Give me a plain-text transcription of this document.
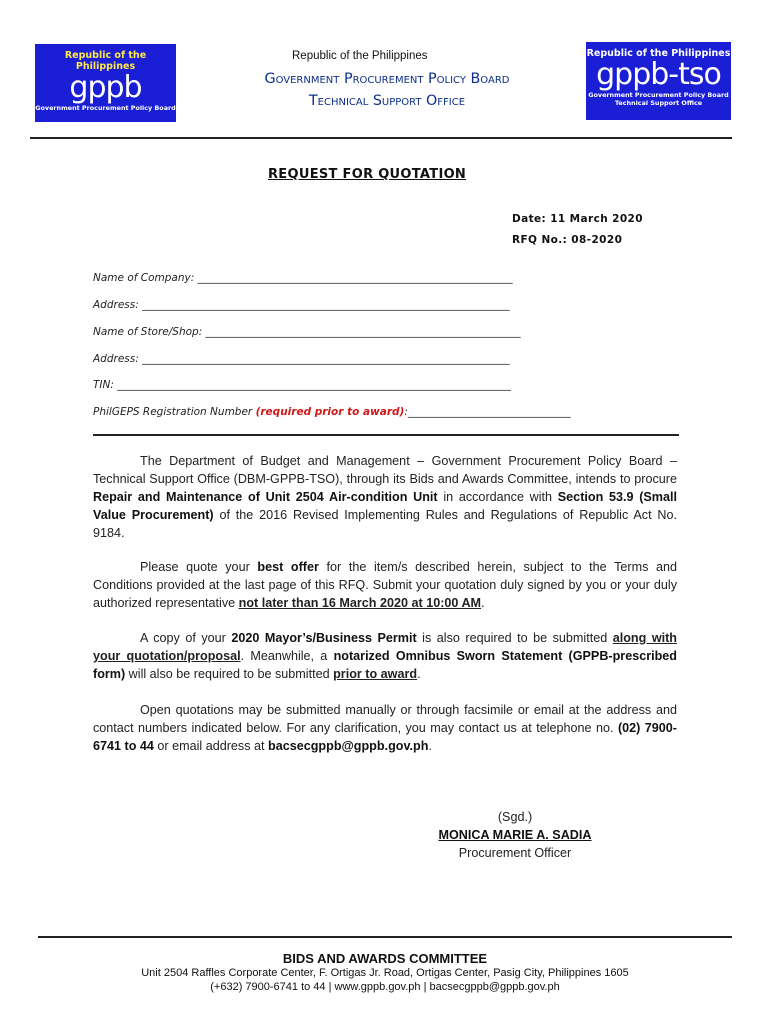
Republic of the Philippines
gppb
Government Procurement Policy Board
Republic of the Philippines
gppb-tso
Government Procurement Policy Board Technical Support Office
Republic of the Philippines
Government Procurement Policy Board
Technical Support Office
REQUEST FOR QUOTATION
Date: 11 March 2020
RFQ No.: 08-2020
Name of Company: ____________________________________________________________
Address: ______________________________________________________________________
Name of Store/Shop: ____________________________________________________________
Address: ______________________________________________________________________
TIN: ___________________________________________________________________________
PhilGEPS Registration Number (required prior to award):_______________________________
The Department of Budget and Management – Government Procurement Policy Board – Technical Support Office (DBM-GPPB-TSO), through its Bids and Awards Committee, intends to procure Repair and Maintenance of Unit 2504 Air-condition Unit in accordance with Section 53.9 (Small Value Procurement) of the 2016 Revised Implementing Rules and Regulations of Republic Act No. 9184.
Please quote your best offer for the item/s described herein, subject to the Terms and Conditions provided at the last page of this RFQ. Submit your quotation duly signed by you or your duly authorized representative not later than 16 March 2020 at 10:00 AM.
A copy of your 2020 Mayor’s/Business Permit is also required to be submitted along with your quotation/proposal. Meanwhile, a notarized Omnibus Sworn Statement (GPPB-prescribed form) will also be required to be submitted prior to award.
Open quotations may be submitted manually or through facsimile or email at the address and contact numbers indicated below. For any clarification, you may contact us at telephone no. (02) 7900-6741 to 44 or email address at bacsecgppb@gppb.gov.ph.
(Sgd.)
MONICA MARIE A. SADIA
Procurement Officer
BIDS AND AWARDS COMMITTEE
Unit 2504 Raffles Corporate Center, F. Ortigas Jr. Road, Ortigas Center, Pasig City, Philippines 1605
(+632) 7900-6741 to 44 | www.gppb.gov.ph | bacsecgppb@gppb.gov.ph
